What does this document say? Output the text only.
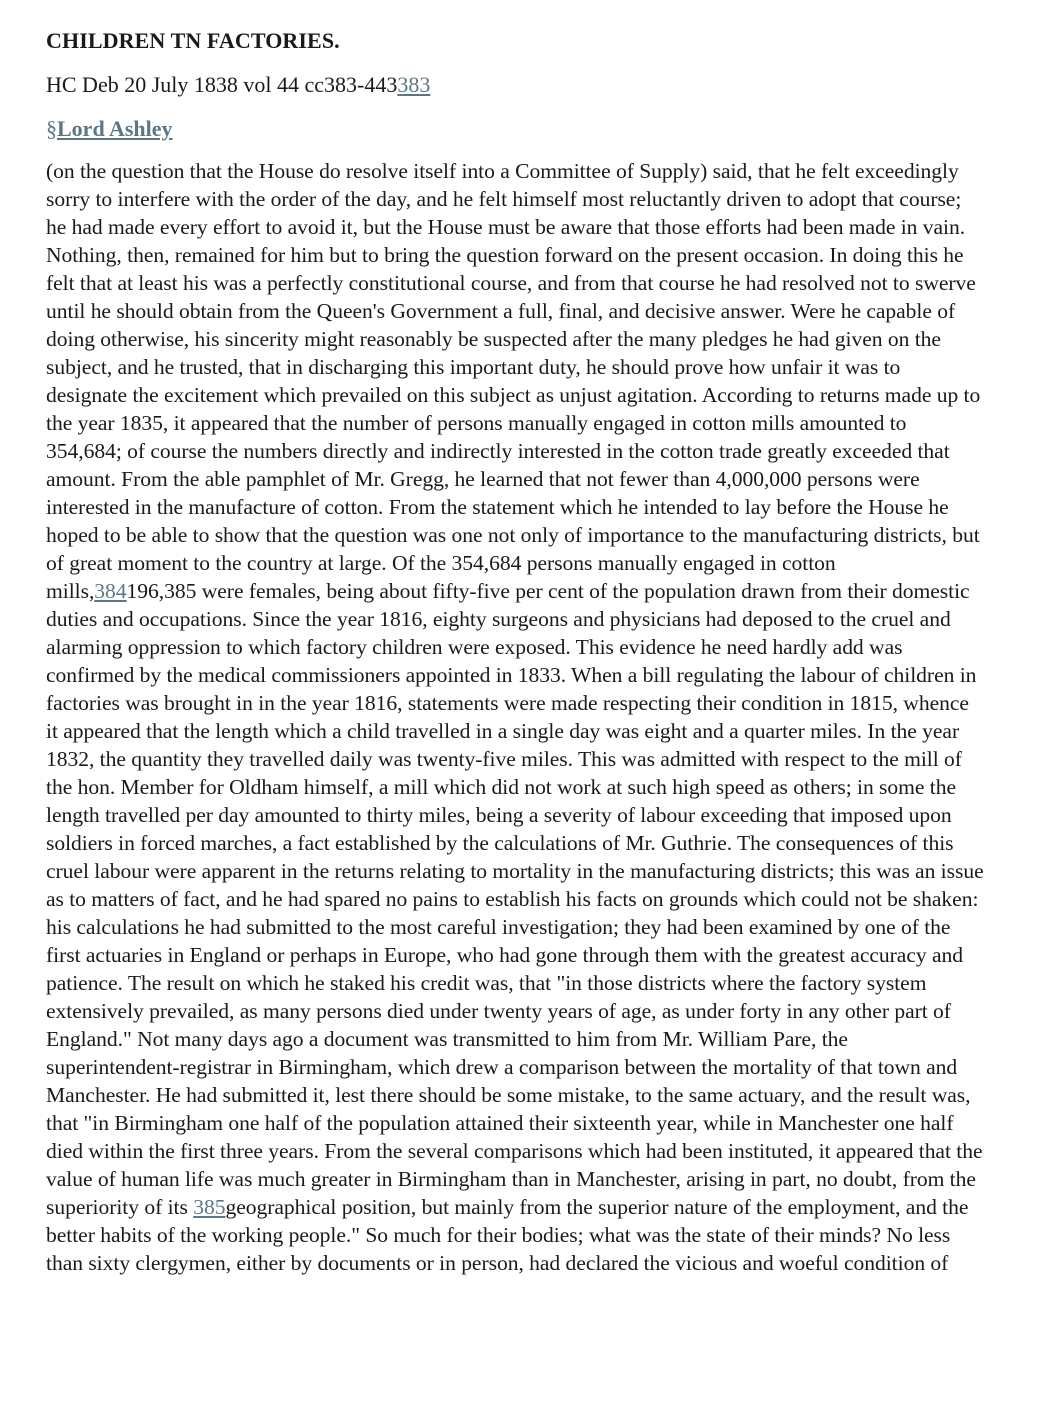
CHILDREN TN FACTORIES.
HC Deb 20 July 1838 vol 44 cc383-443383
§Lord Ashley
(on the question that the House do resolve itself into a Committee of Supply) said, that he felt exceedingly sorry to interfere with the order of the day, and he felt himself most reluctantly driven to adopt that course; he had made every effort to avoid it, but the House must be aware that those efforts had been made in vain. Nothing, then, remained for him but to bring the question forward on the present occasion. In doing this he felt that at least his was a perfectly constitutional course, and from that course he had resolved not to swerve until he should obtain from the Queen's Government a full, final, and decisive answer. Were he capable of doing otherwise, his sincerity might reasonably be suspected after the many pledges he had given on the subject, and he trusted, that in discharging this important duty, he should prove how unfair it was to designate the excitement which prevailed on this subject as unjust agitation. According to returns made up to the year 1835, it appeared that the number of persons manually engaged in cotton mills amounted to 354,684; of course the numbers directly and indirectly interested in the cotton trade greatly exceeded that amount. From the able pamphlet of Mr. Gregg, he learned that not fewer than 4,000,000 persons were interested in the manufacture of cotton. From the statement which he intended to lay before the House he hoped to be able to show that the question was one not only of importance to the manufacturing districts, but of great moment to the country at large. Of the 354,684 persons manually engaged in cotton mills,384196,385 were females, being about fifty-five per cent of the population drawn from their domestic duties and occupations. Since the year 1816, eighty surgeons and physicians had deposed to the cruel and alarming oppression to which factory children were exposed. This evidence he need hardly add was confirmed by the medical commissioners appointed in 1833. When a bill regulating the labour of children in factories was brought in in the year 1816, statements were made respecting their condition in 1815, whence it appeared that the length which a child travelled in a single day was eight and a quarter miles. In the year 1832, the quantity they travelled daily was twenty-five miles. This was admitted with respect to the mill of the hon. Member for Oldham himself, a mill which did not work at such high speed as others; in some the length travelled per day amounted to thirty miles, being a severity of labour exceeding that imposed upon soldiers in forced marches, a fact established by the calculations of Mr. Guthrie. The consequences of this cruel labour were apparent in the returns relating to mortality in the manufacturing districts; this was an issue as to matters of fact, and he had spared no pains to establish his facts on grounds which could not be shaken: his calculations he had submitted to the most careful investigation; they had been examined by one of the first actuaries in England or perhaps in Europe, who had gone through them with the greatest accuracy and patience. The result on which he staked his credit was, that "in those districts where the factory system extensively prevailed, as many persons died under twenty years of age, as under forty in any other part of England." Not many days ago a document was transmitted to him from Mr. William Pare, the superintendent-registrar in Birmingham, which drew a comparison between the mortality of that town and Manchester. He had submitted it, lest there should be some mistake, to the same actuary, and the result was, that "in Birmingham one half of the population attained their sixteenth year, while in Manchester one half died within the first three years. From the several comparisons which had been instituted, it appeared that the value of human life was much greater in Birmingham than in Manchester, arising in part, no doubt, from the superiority of its 385geographical position, but mainly from the superior nature of the employment, and the better habits of the working people." So much for their bodies; what was the state of their minds? No less than sixty clergymen, either by documents or in person, had declared the vicious and woeful condition of
